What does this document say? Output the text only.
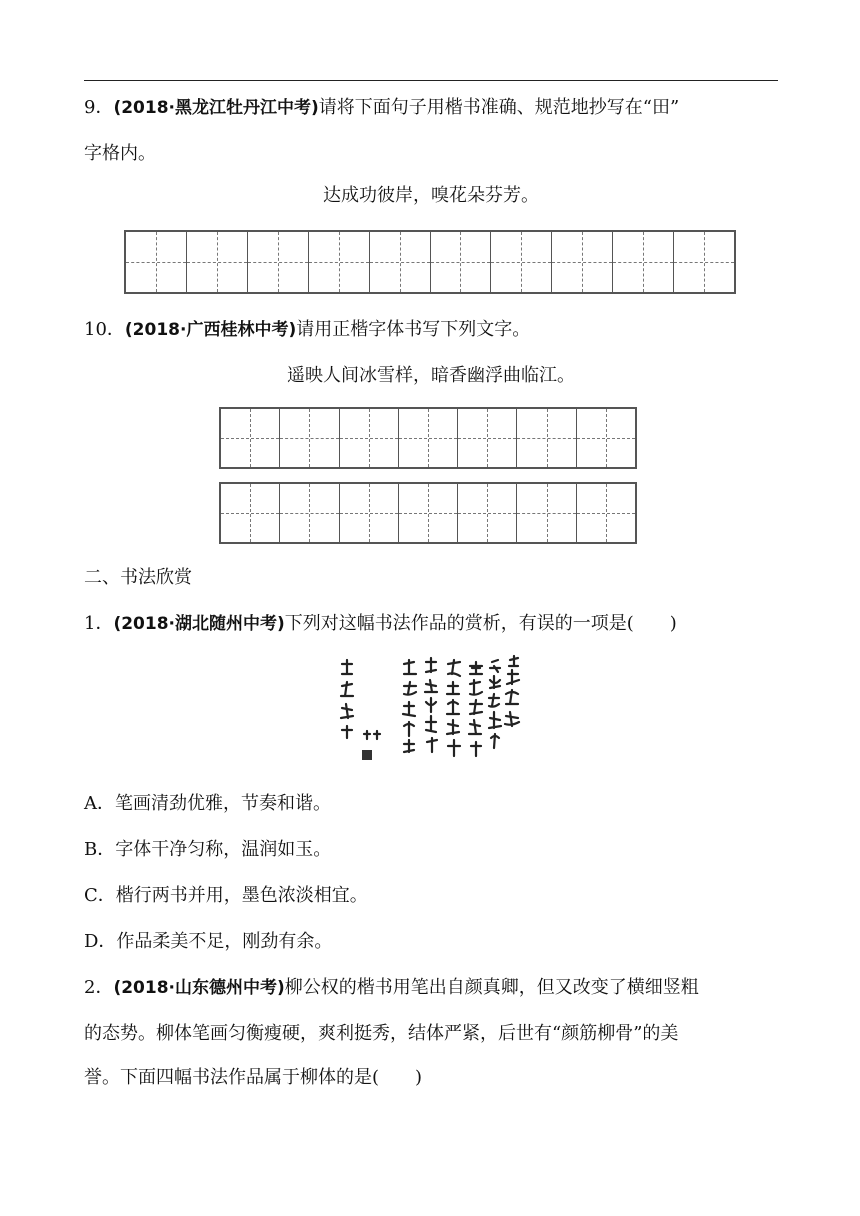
9．(2018·黑龙江牡丹江中考)请将下面句子用楷书准确、规范地抄写在“田”
字格内。
达成功彼岸，嗅花朵芬芳。
10．(2018·广西桂林中考)请用正楷字体书写下列文字。
遥映人间冰雪样，暗香幽浮曲临江。
二、书法欣赏
1．(2018·湖北随州中考)下列对这幅书法作品的赏析，有误的一项是(　　)
A．笔画清劲优雅，节奏和谐。
B．字体干净匀称，温润如玉。
C．楷行两书并用，墨色浓淡相宜。
D．作品柔美不足，刚劲有余。
2．(2018·山东德州中考)柳公权的楷书用笔出自颜真卿，但又改变了横细竖粗
的态势。柳体笔画匀衡瘦硬，爽利挺秀，结体严紧，后世有“颜筋柳骨”的美
誉。下面四幅书法作品属于柳体的是(　　)
